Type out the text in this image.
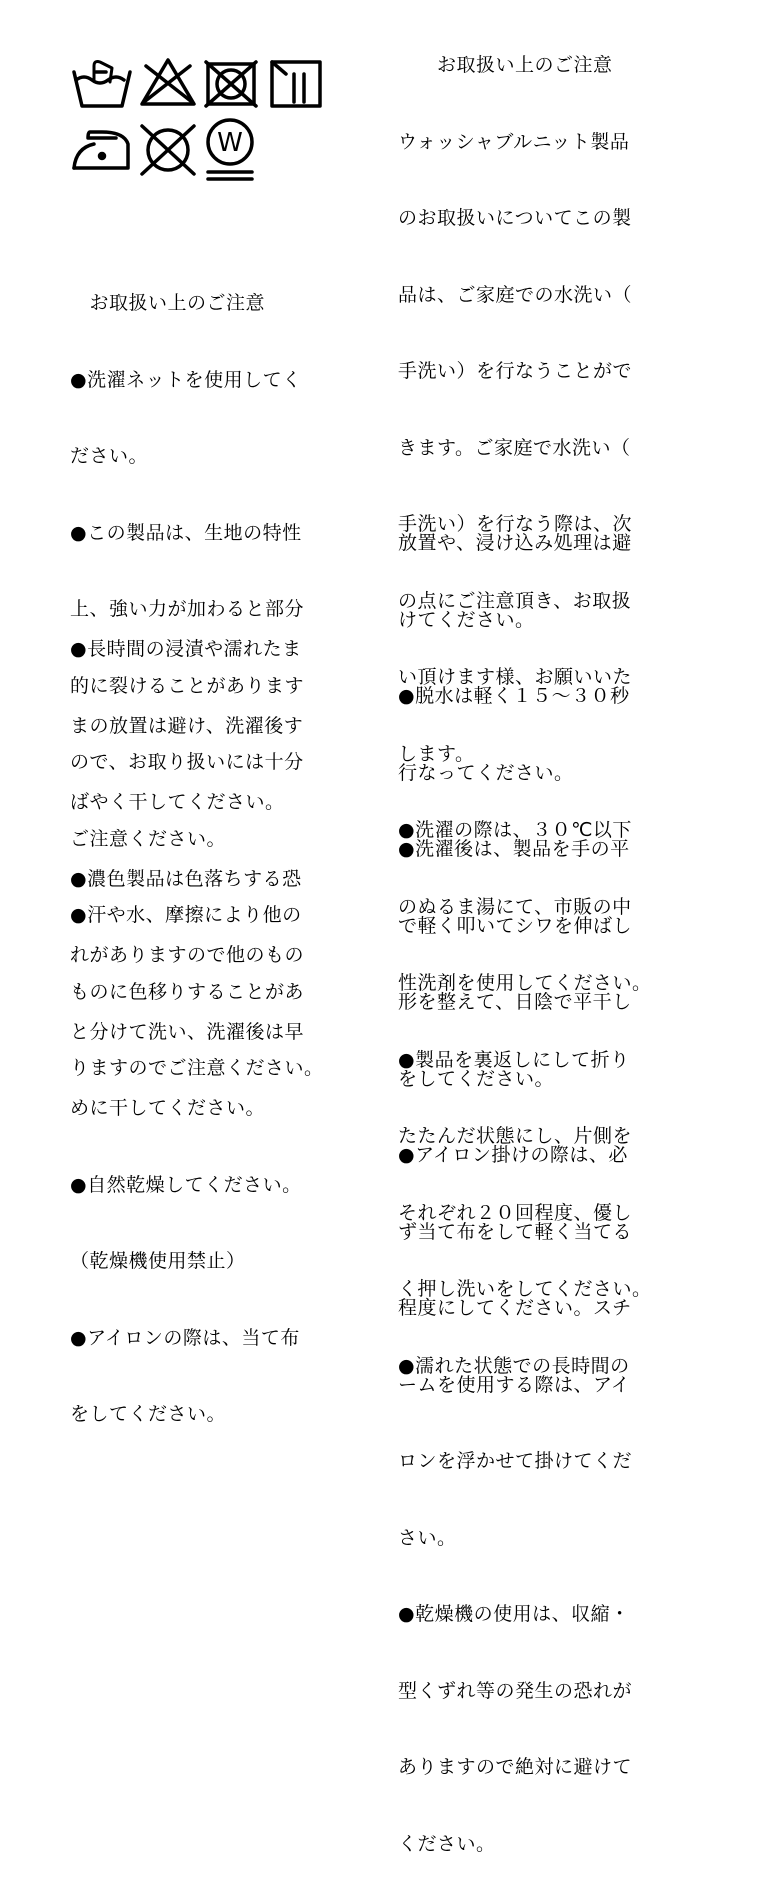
W

　お取扱い上のご注意

●洗濯ネットを使用してく

ださい。

●この製品は、生地の特性

上、強い力が加わると部分

的に裂けることがあります

ので、お取り扱いには十分

ご注意ください。

●汗や水、摩擦により他の

ものに色移りすることがあ

りますのでご注意ください。

●長時間の浸漬や濡れたま

まの放置は避け、洗濯後す

ばやく干してください。

●濃色製品は色落ちする恐

れがありますので他のもの

と分けて洗い、洗濯後は早

めに干してください。

●自然乾燥してください。

（乾燥機使用禁止）

●アイロンの際は、当て布

をしてください。

　　お取扱い上のご注意

ウォッシャブルニット製品

のお取扱いについてこの製

品は、ご家庭での水洗い（

手洗い）を行なうことがで

きます。ご家庭で水洗い（

手洗い）を行なう際は、次

の点にご注意頂き、お取扱

い頂けます様、お願いいた

します。

●洗濯の際は、３０℃以下

のぬるま湯にて、市販の中

性洗剤を使用してください。

●製品を裏返しにして折り

たたんだ状態にし、片側を

それぞれ２０回程度、優し

く押し洗いをしてください。

●濡れた状態での長時間の

放置や、浸け込み処理は避

けてください。

●脱水は軽く１５～３０秒

行なってください。

●洗濯後は、製品を手の平

で軽く叩いてシワを伸ばし

形を整えて、日陰で平干し

をしてください。

●アイロン掛けの際は、必

ず当て布をして軽く当てる

程度にしてください。スチ

ームを使用する際は、アイ

ロンを浮かせて掛けてくだ

さい。

●乾燥機の使用は、収縮・

型くずれ等の発生の恐れが

ありますので絶対に避けて

ください。
